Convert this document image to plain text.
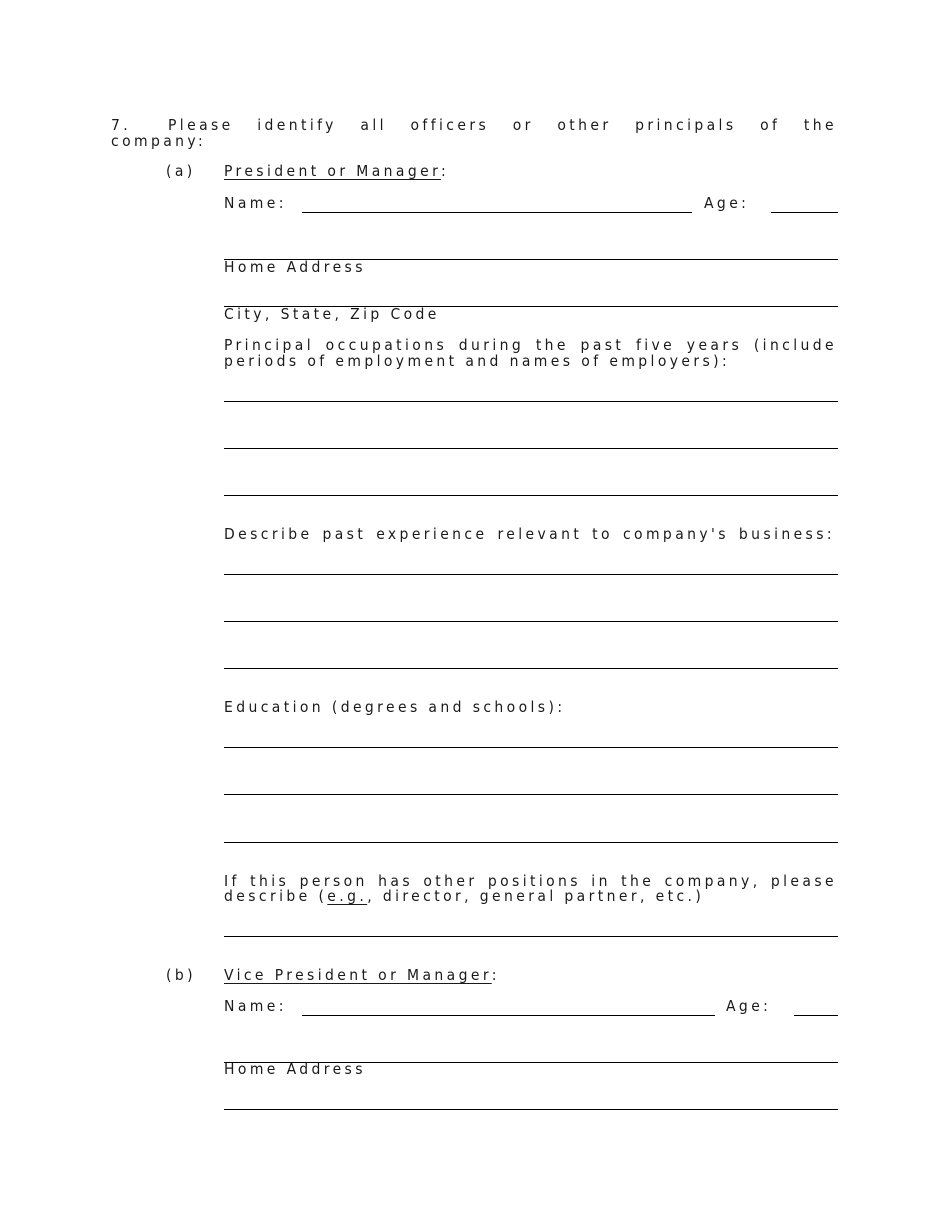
7. Please identify all officers or other principals of the
company:
(a) President or Manager:
Name:	Age:
Home Address
City, State, Zip Code
Principal occupations during the past five years (include
periods of employment and names of employers):
Describe past experience relevant to company's business:
Education (degrees and schools):
If this person has other positions in the company, please
describe (e.g., director, general partner, etc.)
(b) Vice President or Manager:
Name:	Age:
Home Address
